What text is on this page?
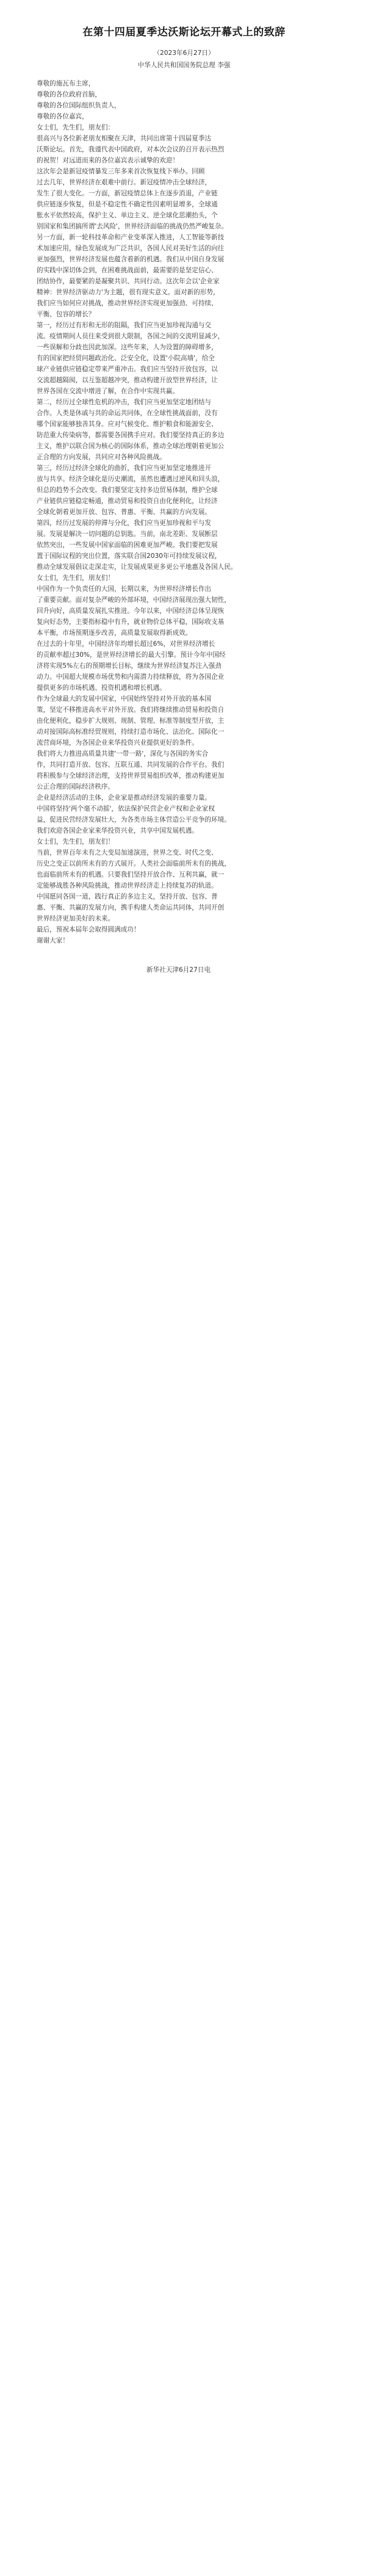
在第十四届夏季达沃斯论坛开幕式上的致辞
（2023年6月27日）
中华人民共和国国务院总理 李强
尊敬的施瓦布主席，
尊敬的各位政府首脑，
尊敬的各位国际组织负责人，
尊敬的各位嘉宾，
女士们，先生们，朋友们：
很高兴与各位新老朋友相聚在天津，共同出席第十四届夏季达
沃斯论坛。首先，我谨代表中国政府，对本次会议的召开表示热烈
的祝贺！对远道而来的各位嘉宾表示诚挚的欢迎！
这次年会是新冠疫情暴发三年多来首次恢复线下举办。回顾
过去几年，世界经济在艰难中前行。新冠疫情冲击全球经济，
发生了很大变化。一方面，新冠疫情总体上在逐步消退，产业链
供应链逐步恢复，但是不稳定性不确定性因素明显增多，全球通
胀水平依然较高，保护主义、单边主义、逆全球化思潮抬头，个
别国家和集团搞所谓'去风险'，世界经济面临的挑战仍然严峻复杂。
另一方面，新一轮科技革命和产业变革深入推进，人工智能等新技
术加速应用，绿色发展成为广泛共识，各国人民对美好生活的向往
更加强烈，世界经济发展也蕴含着新的机遇。我们从中国自身发展
的实践中深切体会到，在困难挑战面前，最需要的是坚定信心、
团结协作，最要紧的是凝聚共识、共同行动。这次年会以'企业家
精神：世界经济驱动力'为主题，很有现实意义。面对新的形势，
我们应当如何应对挑战，推动世界经济实现更加强劲、可持续、
平衡、包容的增长？
第一，经历过有形和无形的阻隔，我们应当更加珍视沟通与交
流。疫情期间人员往来受到很大限制，各国之间的交流明显减少，
一些误解和分歧也因此加深。这些年来，人为设置的障碍增多，
有的国家把经贸问题政治化、泛安全化，设置'小院高墙'，给全
球产业链供应链稳定带来严重冲击。我们应当坚持开放包容，以
交流超越隔阂，以互鉴超越冲突，推动构建开放型世界经济，让
世界各国在交流中增进了解，在合作中实现共赢。
第二，经历过全球性危机的冲击，我们应当更加坚定地团结与
合作。人类是休戚与共的命运共同体，在全球性挑战面前，没有
哪个国家能够独善其身。应对气候变化、维护粮食和能源安全、
防范重大传染病等，都需要各国携手应对。我们要坚持真正的多边
主义，维护以联合国为核心的国际体系，推动全球治理朝着更加公
正合理的方向发展，共同应对各种风险挑战。
第三，经历过经济全球化的曲折，我们应当更加坚定地推进开
放与共享。经济全球化是历史潮流，虽然也遭遇过逆风和回头浪，
但总的趋势不会改变。我们要坚定支持多边贸易体制，维护全球
产业链供应链稳定畅通，推动贸易和投资自由化便利化，让经济
全球化朝着更加开放、包容、普惠、平衡、共赢的方向发展。
第四，经历过发展的停滞与分化，我们应当更加珍视和平与发
展。发展是解决一切问题的总钥匙。当前，南北差距、发展断层
依然突出，一些发展中国家面临的困难更加严峻。我们要把发展
置于国际议程的突出位置，落实联合国2030年可持续发展议程，
推动全球发展倡议走深走实，让发展成果更多更公平地惠及各国人民。
女士们，先生们，朋友们！
中国作为一个负责任的大国，长期以来，为世界经济增长作出
了重要贡献。面对复杂严峻的外部环境，中国经济展现出强大韧性，
回升向好，高质量发展扎实推进。今年以来，中国经济总体呈现恢
复向好态势，主要指标稳中有升，就业物价总体平稳，国际收支基
本平衡，市场预期逐步改善，高质量发展取得新成效。
在过去的十年里，中国经济年均增长超过6%，对世界经济增长
的贡献率超过30%，是世界经济增长的最大引擎。预计今年中国经
济将实现5%左右的预期增长目标，继续为世界经济复苏注入强劲
动力。中国超大规模市场优势和内需潜力持续释放，将为各国企业
提供更多的市场机遇、投资机遇和增长机遇。
作为全球最大的发展中国家，中国始终坚持对外开放的基本国
策，坚定不移推进高水平对外开放。我们将继续推动贸易和投资自
由化便利化，稳步扩大规则、规制、管理、标准等制度型开放，主
动对接国际高标准经贸规则，持续打造市场化、法治化、国际化一
流营商环境，为各国企业来华投资兴业提供更好的条件。
我们将大力推进高质量共建'一带一路'，深化与各国的务实合
作，共同打造开放、包容、互联互通、共同发展的合作平台。我们
将积极参与全球经济治理，支持世界贸易组织改革，推动构建更加
公正合理的国际经济秩序。
企业是经济活动的主体，企业家是推动经济发展的重要力量。
中国将坚持'两个毫不动摇'，依法保护民营企业产权和企业家权
益，促进民营经济发展壮大，为各类市场主体营造公平竞争的环境。
我们欢迎各国企业家来华投资兴业，共享中国发展机遇。
女士们，先生们，朋友们！
当前，世界百年未有之大变局加速演进，世界之变、时代之变、
历史之变正以前所未有的方式展开。人类社会面临前所未有的挑战，
也面临前所未有的机遇。只要我们坚持开放合作、互利共赢，就一
定能够战胜各种风险挑战，推动世界经济走上持续复苏的轨道。
中国愿同各国一道，践行真正的多边主义，坚持开放、包容、普
惠、平衡、共赢的发展方向，携手构建人类命运共同体，共同开创
世界经济更加美好的未来。
最后，预祝本届年会取得圆满成功！
谢谢大家！
新华社天津6月27日电
